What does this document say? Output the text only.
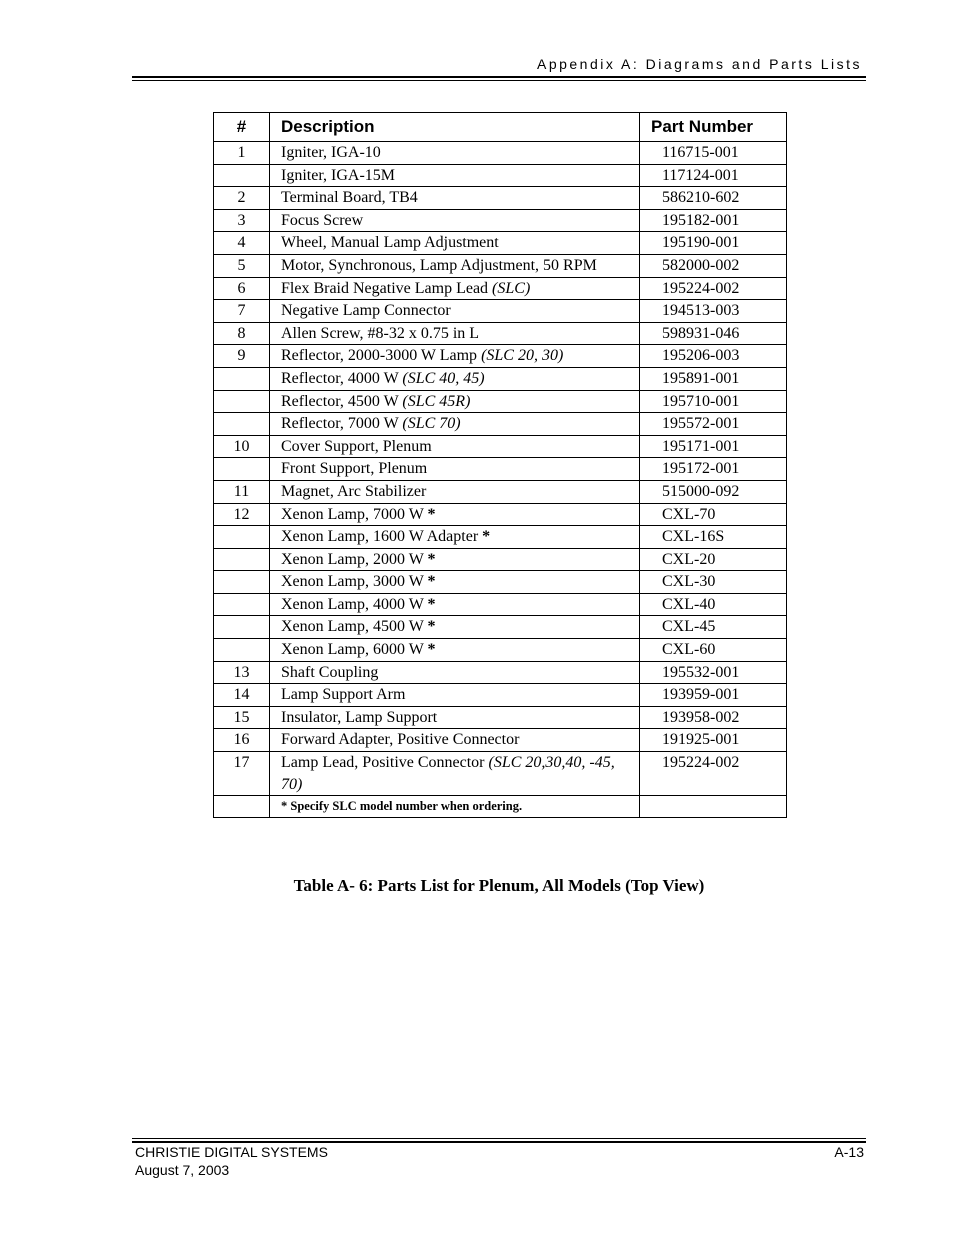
Appendix A: Diagrams and Parts Lists
#	Description	Part Number
1	Igniter, IGA-10	116715-001
	Igniter, IGA-15M	117124-001
2	Terminal Board, TB4	586210-602
3	Focus Screw	195182-001
4	Wheel, Manual Lamp Adjustment	195190-001
5	Motor, Synchronous, Lamp Adjustment, 50 RPM	582000-002
6	Flex Braid Negative Lamp Lead (SLC)	195224-002
7	Negative Lamp Connector	194513-003
8	Allen Screw, #8-32 x 0.75 in L	598931-046
9	Reflector, 2000-3000 W Lamp (SLC 20, 30)	195206-003
	Reflector, 4000 W (SLC 40, 45)	195891-001
	Reflector, 4500 W (SLC 45R)	195710-001
	Reflector, 7000 W (SLC 70)	195572-001
10	Cover Support, Plenum	195171-001
	Front Support, Plenum	195172-001
11	Magnet, Arc Stabilizer	515000-092
12	Xenon Lamp, 7000 W *	CXL-70
	Xenon Lamp, 1600 W Adapter *	CXL-16S
	Xenon Lamp, 2000 W *	CXL-20
	Xenon Lamp, 3000 W *	CXL-30
	Xenon Lamp, 4000 W *	CXL-40
	Xenon Lamp, 4500 W *	CXL-45
	Xenon Lamp, 6000 W *	CXL-60
13	Shaft Coupling	195532-001
14	Lamp Support Arm	193959-001
15	Insulator, Lamp Support	193958-002
16	Forward Adapter, Positive Connector	191925-001
17	Lamp Lead, Positive Connector (SLC 20,30,40, -45, 70)	195224-002
	* Specify SLC model number when ordering.	
Table A- 6: Parts List for Plenum, All Models (Top View)
CHRISTIE DIGITAL SYSTEMS
August 7, 2003
A-13
